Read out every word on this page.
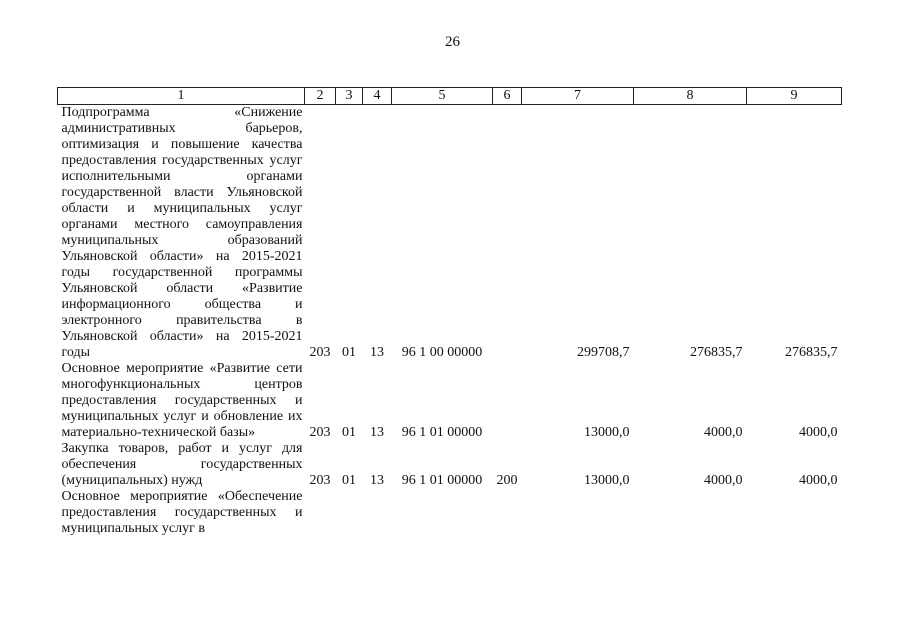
26
1	2	3	4	5	6	7	8	9
Подпрограмма «Снижение административных барьеров, оптимизация и повышение качества предоставления государственных услуг исполнительными органами государственной власти Ульяновской области и муниципальных услуг органами местного самоуправления муниципальных образований Ульяновской области» на 2015-2021 годы государственной программы Ульяновской области «Развитие информационного общества и электронного правительства в Ульяновской области» на 2015-2021 годы	203	01	13	96 1 00 00000		299708,7	276835,7	276835,7
Основное мероприятие «Развитие сети многофункциональных центров предоставления государственных и муниципальных услуг и обновление их материально-технической базы»	203	01	13	96 1 01 00000		13000,0	4000,0	4000,0
Закупка товаров, работ и услуг для обеспечения государственных (муниципальных) нужд	203	01	13	96 1 01 00000	200	13000,0	4000,0	4000,0
Основное мероприятие «Обеспечение предоставления государственных и муниципальных услуг в								
